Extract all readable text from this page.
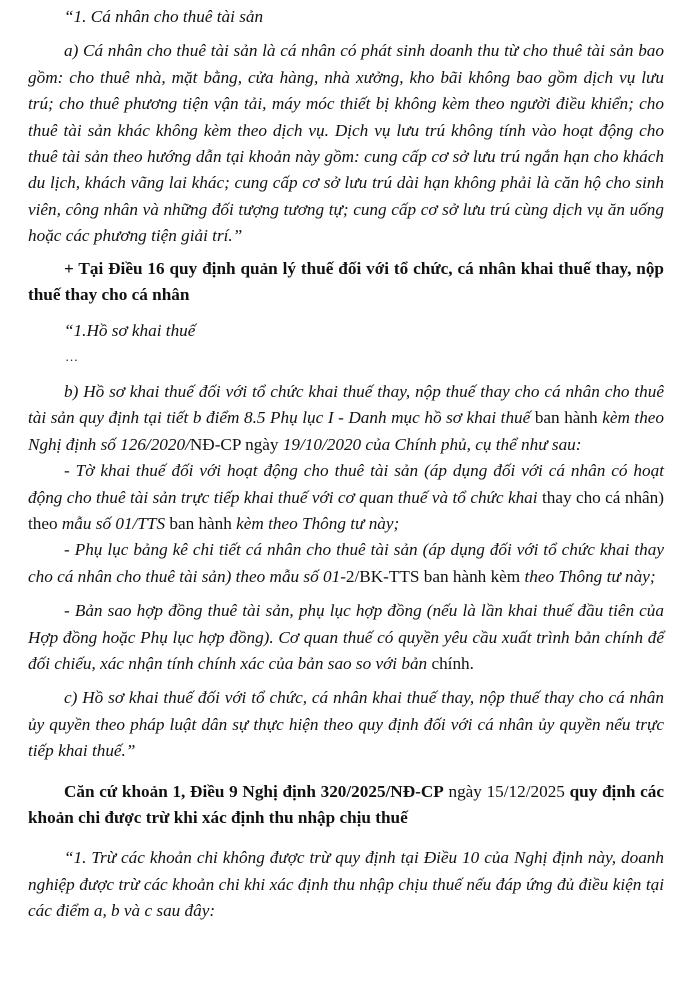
“1. Cá nhân cho thuê tài sản

a) Cá nhân cho thuê tài sản là cá nhân có phát sinh doanh thu từ cho thuê tài sản bao gồm: cho thuê nhà, mặt bằng, cửa hàng, nhà xưởng, kho bãi không bao gồm dịch vụ lưu trú; cho thuê phương tiện vận tải, máy móc thiết bị không kèm theo người điều khiển; cho thuê tài sản khác không kèm theo dịch vụ. Dịch vụ lưu trú không tính vào hoạt động cho thuê tài sản theo hướng dẫn tại khoản này gồm: cung cấp cơ sở lưu trú ngắn hạn cho khách du lịch, khách vãng lai khác; cung cấp cơ sở lưu trú dài hạn không phải là căn hộ cho sinh viên, công nhân và những đối tượng tương tự; cung cấp cơ sở lưu trú cùng dịch vụ ăn uống hoặc các phương tiện giải trí.”

+ Tại Điều 16 quy định quản lý thuế đối với tổ chức, cá nhân khai thuế thay, nộp thuế thay cho cá nhân

“1.Hồ sơ khai thuế

…

b) Hồ sơ khai thuế đối với tổ chức khai thuế thay, nộp thuế thay cho cá nhân cho thuê tài sản quy định tại tiết b điểm 8.5 Phụ lục I - Danh mục hồ sơ khai thuế ban hành kèm theo Nghị định số 126/2020/NĐ-CP ngày 19/10/2020 của Chính phủ, cụ thể như sau:

- Tờ khai thuế đối với hoạt động cho thuê tài sản (áp dụng đối với cá nhân có hoạt động cho thuê tài sản trực tiếp khai thuế với cơ quan thuế và tổ chức khai thay cho cá nhân) theo mẫu số 01/TTS ban hành kèm theo Thông tư này;

- Phụ lục bảng kê chi tiết cá nhân cho thuê tài sản (áp dụng đối với tổ chức khai thay cho cá nhân cho thuê tài sản) theo mẫu số 01-2/BK-TTS ban hành kèm theo Thông tư này;

- Bản sao hợp đồng thuê tài sản, phụ lục hợp đồng (nếu là lần khai thuế đầu tiên của Hợp đồng hoặc Phụ lục hợp đồng). Cơ quan thuế có quyền yêu cầu xuất trình bản chính để đối chiếu, xác nhận tính chính xác của bản sao so với bản chính.

c) Hồ sơ khai thuế đối với tổ chức, cá nhân khai thuế thay, nộp thuế thay cho cá nhân ủy quyền theo pháp luật dân sự thực hiện theo quy định đối với cá nhân ủy quyền nếu trực tiếp khai thuế.”

Căn cứ khoản 1, Điều 9 Nghị định 320/2025/NĐ-CP ngày 15/12/2025 quy định các khoản chi được trừ khi xác định thu nhập chịu thuế

“1. Trừ các khoản chi không được trừ quy định tại Điều 10 của Nghị định này, doanh nghiệp được trừ các khoản chi khi xác định thu nhập chịu thuế nếu đáp ứng đủ điều kiện tại các điểm a, b và c sau đây:
